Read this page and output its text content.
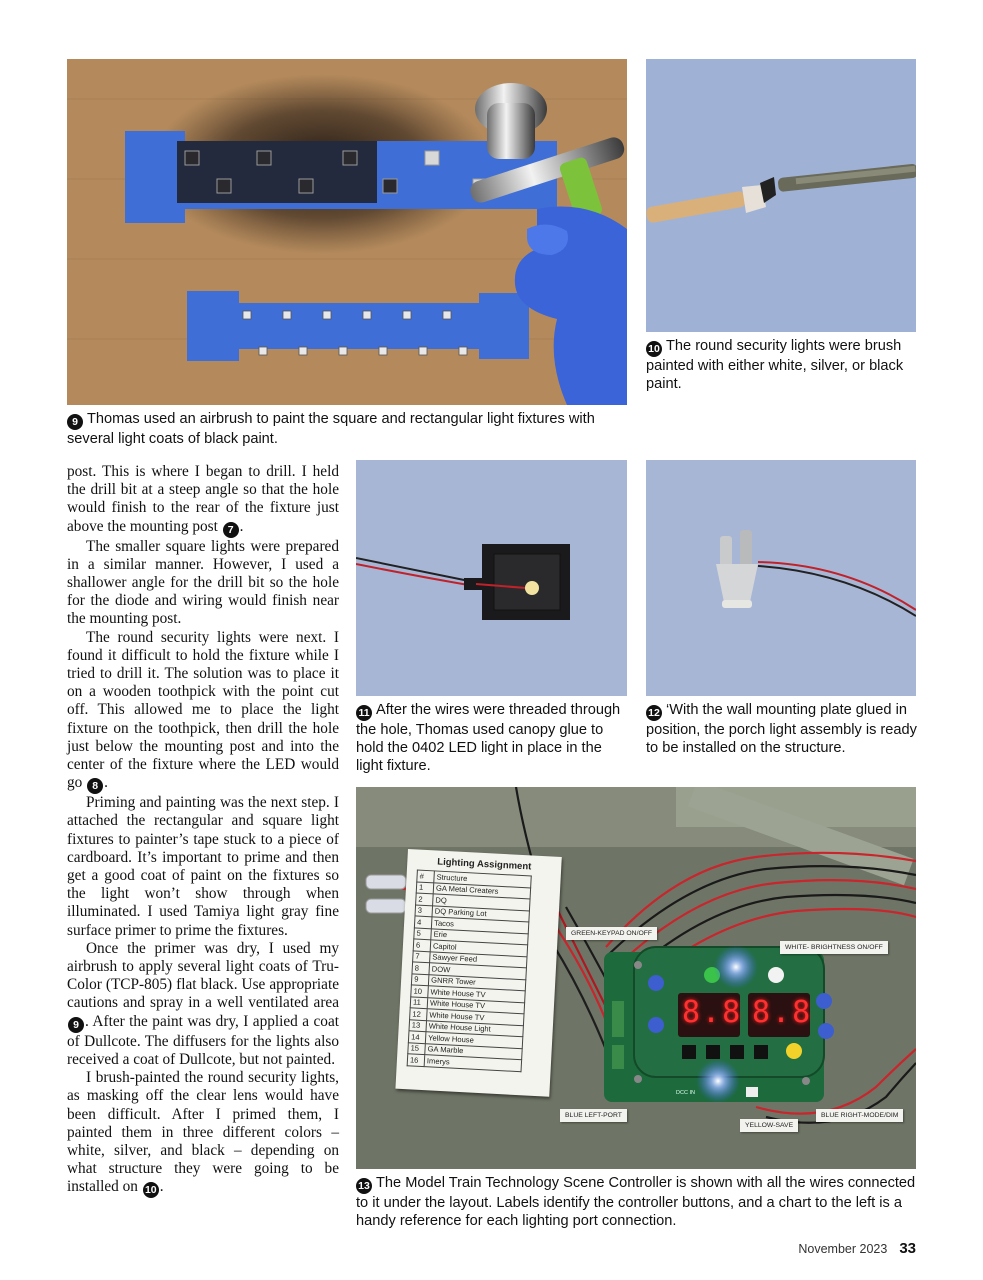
9 Thomas used an airbrush to paint the square and rectangular light fixtures with several light coats of black paint.
10 The round security lights were brush painted with either white, silver, or black paint.

post. This is where I began to drill. I held the drill bit at a steep angle so that the hole would finish to the rear of the fixture just above the mounting post 7 .

The smaller square lights were prepared in a similar manner. However, I used a shallower angle for the drill bit so the hole for the diode and wiring would finish near the mounting post.

The round security lights were next. I found it difficult to hold the fixture while I tried to drill it. The solution was to place it on a wooden toothpick with the point cut off. This allowed me to place the light fixture on the toothpick, then drill the hole just below the mounting post and into the center of the fixture where the LED would go 8 .

Priming and painting was the next step. I attached the rectangular and square light fixtures to painter’s tape stuck to a piece of cardboard. It’s important to prime and then get a good coat of paint on the fixtures so the light won’t show through when illuminated. I used Tamiya light gray fine surface primer to prime the fixtures.

Once the primer was dry, I used my airbrush to apply several light coats of Tru-Color (TCP-805) flat black. Use appropriate cautions and spray in a well ventilated area 9 . After the paint was dry, I applied a coat of Dullcote. The diffusers for the lights also received a coat of Dullcote, but not painted.

I brush-painted the round security lights, as masking off the clear lens would have been difficult. After I primed them, I painted them in three different colors – white, silver, and black – depending on what structure they were going to be installed on 10 .

11 After the wires were threaded through the hole, Thomas used canopy glue to hold the 0402 LED light in place in the light fixture.
12 ‘With the wall mounting plate glued in position, the porch light assembly is ready to be installed on the structure.
8.8 8.8
DCC IN
Lighting Assignment
#	Structure
1	GA Metal Creaters
2	DQ
3	DQ Parking Lot
4	Tacos
5	Erie
6	Capitol
7	Sawyer Feed
8	DOW
9	GNRR Tower
10	White House TV
11	White House TV
12	White House TV
13	White House Light
14	Yellow House
15	GA Marble
16	Imerys
GREEN-KEYPAD ON/OFF
WHITE- BRIGHTNESS ON/OFF
BLUE LEFT-PORT
YELLOW-SAVE
BLUE RIGHT-MODE/DIM
13 The Model Train Technology Scene Controller is shown with all the wires connected to it under the layout. Labels identify the controller buttons, and a chart to the left is a handy reference for each lighting port connection.
November 2023 33
